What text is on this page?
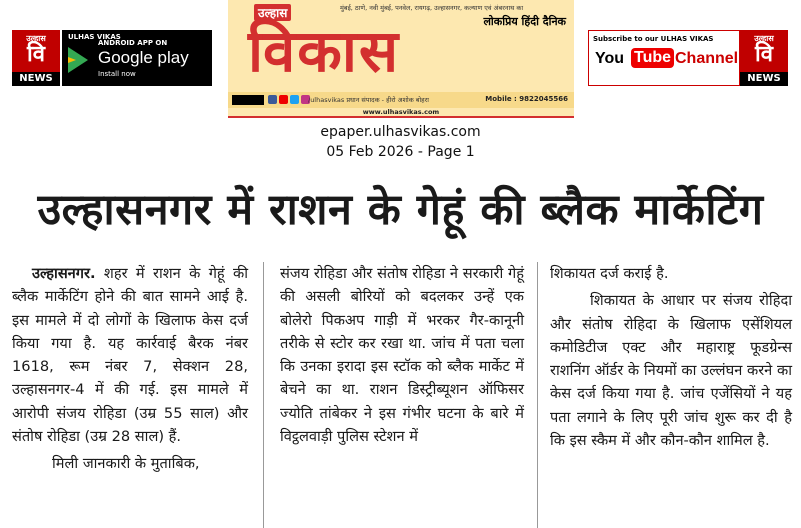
उल्हास
वि
NEWS
ULHAS VIKAS
ANDROID APP ON
Google play
Install now
मुंबई, ठाणे, नवी मुंबई, पनवेल, रायगढ़, उल्हासनगर, कल्याण एवं अंबरनाथ का
लोकप्रिय हिंदी दैनिक
उल्हास
विकास
/ulhasvikas प्रधान संपादक - हीरो अशोक बोहरा	Mobile : 9822045566
www.ulhasvikas.com
Subscribe to our ULHAS VIKAS
You Tube Channel
उल्हास
वि
NEWS
epaper.ulhasvikas.com
05 Feb 2026 - Page 1
उल्हासनगर में राशन के गेहूं की ब्लैक मार्केटिंग

उल्हासनगर. शहर में राशन के गेहूं की ब्लैक मार्केटिंग होने की बात सामने आई है. इस मामले में दो लोगों के खिलाफ केस दर्ज किया गया है. यह कार्रवाई बैरक नंबर 1618, रूम नंबर 7, सेक्शन 28, उल्हासनगर-4 में की गई. इस मामले में आरोपी संजय रोहिडा (उम्र 55 साल) और संतोष रोहिडा (उम्र 28 साल) हैं.

मिली जानकारी के मुताबिक,

संजय रोहिडा और संतोष रोहिडा ने सरकारी गेहूं की असली बोरियों को बदलकर उन्हें एक बोलेरो पिकअप गाड़ी में भरकर गैर-कानूनी तरीके से स्टोर कर रखा था. जांच में पता चला कि उनका इरादा इस स्टॉक को ब्लैक मार्केट में बेचने का था. राशन डिस्ट्रीब्यूशन ऑफिसर ज्योति तांबेकर ने इस गंभीर घटना के बारे में विट्ठलवाड़ी पुलिस स्टेशन में

शिकायत दर्ज कराई है.

शिकायत के आधार पर संजय रोहिदा और संतोष रोहिदा के खिलाफ एसेंशियल कमोडिटीज एक्ट और महाराष्ट्र फूडग्रेन्स राशनिंग ऑर्डर के नियमों का उल्लंघन करने का केस दर्ज किया गया है. जांच एजेंसियों ने यह पता लगाने के लिए पूरी जांच शुरू कर दी है कि इस स्कैम में और कौन-कौन शामिल है.
